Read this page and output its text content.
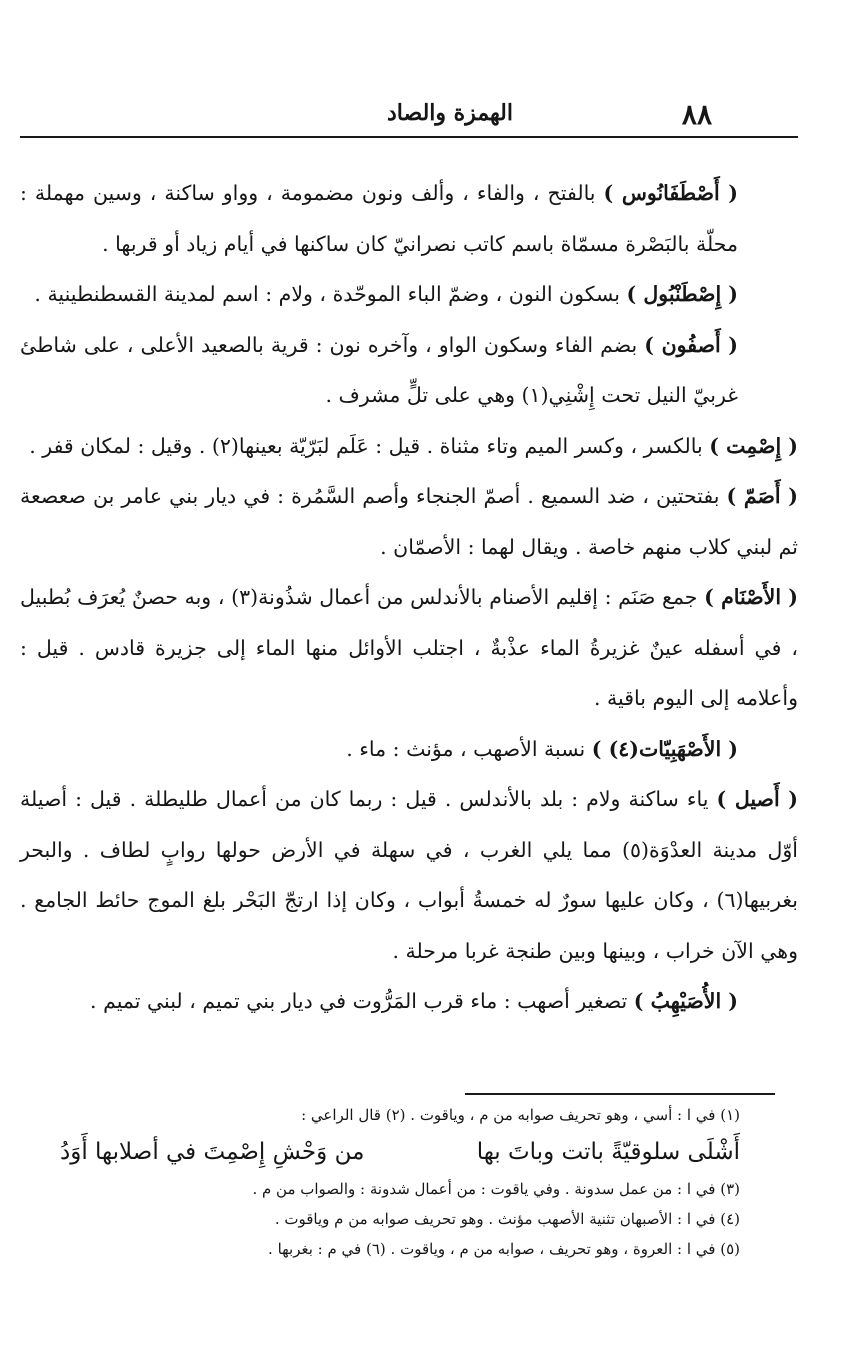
٨٨
الهمزة والصاد

( أَصْطَفَانُوس ) بالفتح ، والفاء ، وألف ونون مضمومة ، وواو ساكنة ، وسين مهملة : محلّة بالبَصْرة مسمّاة باسم كاتب نصرانيّ كان ساكنها في أيام زياد أو قربها .

( إِصْطَنْبُول ) بسكون النون ، وضمّ الباء الموحّدة ، ولام : اسم لمدينة القسطنطينية .

( أَصفُون ) بضم الفاء وسكون الواو ، وآخره نون : قرية بالصعيد الأعلى ، على شاطئ غربيّ النيل تحت إِشْنِي(١) وهي على تلٍّ مشرف .

( إِصْمِت ) بالكسر ، وكسر الميم وتاء مثناة . قيل : عَلَم لبَرّيّة بعينها(٢) . وقيل : لمكان قفر .

( أَصَمّ ) بفتحتين ، ضد السميع . أصمّ الجنجاء وأصم السَّمُرة : في ديار بني عامر بن صعصعة ثم لبني كلاب منهم خاصة . ويقال لهما : الأصمّان .

( الأَصْنَام ) جمع صَنَم : إقليم الأصنام بالأندلس من أعمال شذُونة(٣) ، وبه حصنٌ يُعرَف بُطبيل ، في أسفله عينٌ غزيرةُ الماء عذْبةٌ ، اجتلب الأوائل منها الماء إلى جزيرة قادس . قيل : وأعلامه إلى اليوم باقية .

( الأَصْهَبِيّات(٤) ) نسبة الأصهب ، مؤنث : ماء .

( أَصيل ) ياء ساكنة ولام : بلد بالأندلس . قيل : ربما كان من أعمال طليطلة . قيل : أصيلة أوّل مدينة العدْوَة(٥) مما يلي الغرب ، في سهلة في الأرض حولها روابٍ لطاف . والبحر بغربيها(٦) ، وكان عليها سورٌ له خمسةُ أبواب ، وكان إذا ارتجّ البَحْر بلغ الموج حائط الجامع . وهي الآن خراب ، وبينها وبين طنجة غربا مرحلة .

( الأُصَيْهِبُ ) تصغير أصهب : ماء قرب المَرُّوت في ديار بني تميم ، لبني تميم .

(١) في ا : أسي ، وهو تحريف صوابه من م ، وياقوت . (٢) قال الراعي :

أَشْلَى سلوقيّةً باتت وباتَ بها
من وَحْشِ إِصْمِتَ في أصلابها أَوَدُ

(٣) في ا : من عمل سدونة . وفي ياقوت : من أعمال شدونة : والصواب من م .

(٤) في ا : الأصبهان تثنية الأصهب مؤنث . وهو تحريف صوابه من م وياقوت .

(٥) في ا : العروة ، وهو تحريف ، صوابه من م ، وياقوت . (٦) في م : بغربها .
